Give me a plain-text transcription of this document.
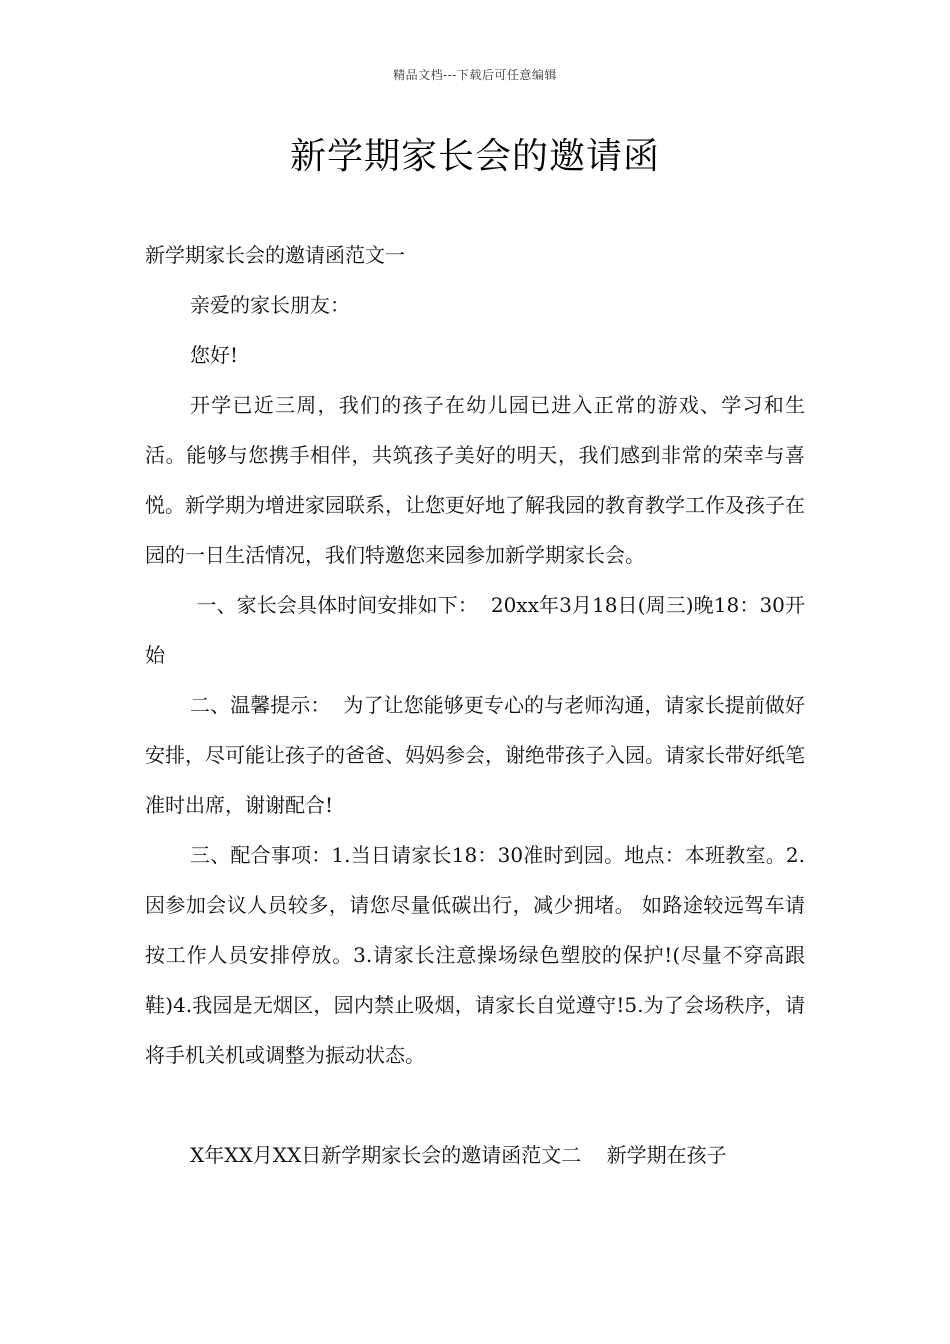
精品文档---下载后可任意编辑
新学期家长会的邀请函

新学期家长会的邀请函范文一

亲爱的家长朋友：

您好!

开学已近三周，我们的孩子在幼儿园已进入正常的游戏、学习和生活。能够与您携手相伴，共筑孩子美好的明天，我们感到非常的荣幸与喜悦。新学期为增进家园联系，让您更好地了解我园的教育教学工作及孩子在园的一日生活情况，我们特邀您来园参加新学期家长会。

一、家长会具体时间安排如下：  20xx年3月18日(周三)晚18：30开始

二、温馨提示：  为了让您能够更专心的与老师沟通，请家长提前做好安排，尽可能让孩子的爸爸、妈妈参会，谢绝带孩子入园。请家长带好纸笔准时出席，谢谢配合!

三、配合事项：1.当日请家长18：30准时到园。地点：本班教室。2.因参加会议人员较多，请您尽量低碳出行，减少拥堵。 如路途较远驾车请按工作人员安排停放。3.请家长注意操场绿色塑胶的保护!(尽量不穿高跟鞋)4.我园是无烟区，园内禁止吸烟，请家长自觉遵守!5.为了会场秩序，请将手机关机或调整为振动状态。

X年XX月XX日新学期家长会的邀请函范文二    新学期在孩子
